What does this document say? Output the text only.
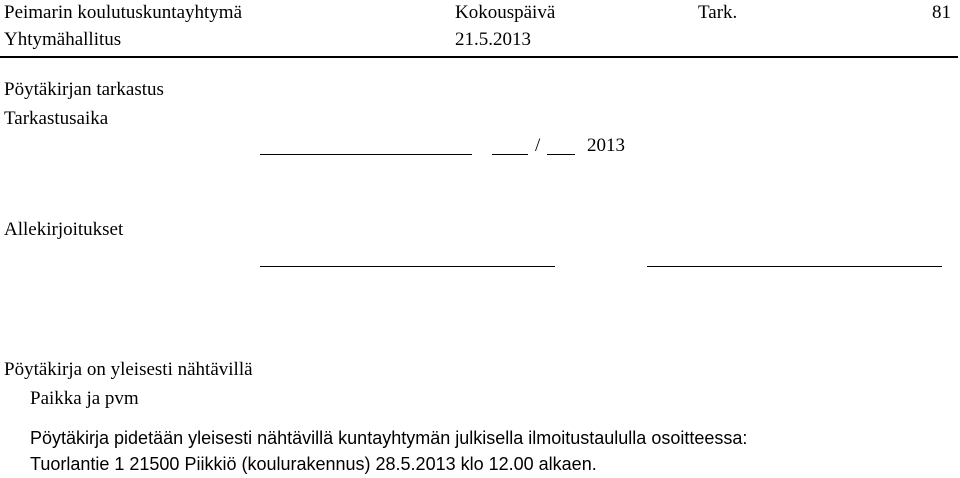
Peimarin koulutuskuntayhtymä	Kokouspäivä	Tark.	81
Yhtymähallitus	21.5.2013
Pöytäkirjan tarkastus
Tarkastusaika
/ 2013
Allekirjoitukset
Pöytäkirja on yleisesti nähtävillä
Paikka ja pvm
Pöytäkirja pidetään yleisesti nähtävillä kuntayhtymän julkisella ilmoitustaululla osoitteessa:
Tuorlantie 1 21500 Piikkiö (koulurakennus) 28.5.2013 klo 12.00 alkaen.
